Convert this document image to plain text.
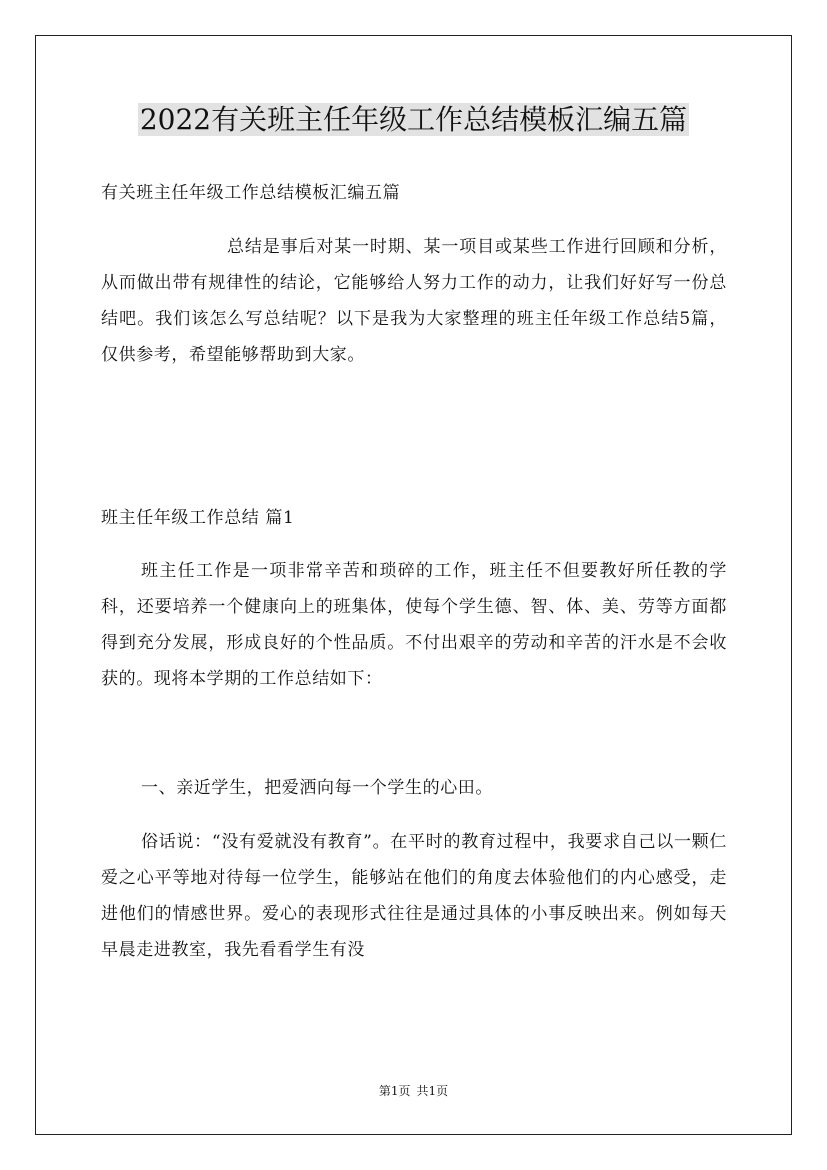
2022有关班主任年级工作总结模板汇编五篇

有关班主任年级工作总结模板汇编五篇

总结是事后对某一时期、某一项目或某些工作进行回顾和分析，从而做出带有规律性的结论，它能够给人努力工作的动力，让我们好好写一份总结吧。我们该怎么写总结呢？以下是我为大家整理的班主任年级工作总结5篇，仅供参考，希望能够帮助到大家。

班主任年级工作总结 篇1

班主任工作是一项非常辛苦和琐碎的工作，班主任不但要教好所任教的学科，还要培养一个健康向上的班集体，使每个学生德、智、体、美、劳等方面都得到充分发展，形成良好的个性品质。不付出艰辛的劳动和辛苦的汗水是不会收获的。现将本学期的工作总结如下：

一、亲近学生，把爱洒向每一个学生的心田。

俗话说：“没有爱就没有教育”。在平时的教育过程中，我要求自己以一颗仁爱之心平等地对待每一位学生，能够站在他们的角度去体验他们的内心感受，走进他们的情感世界。爱心的表现形式往往是通过具体的小事反映出来。例如每天早晨走进教室，我先看看学生有没

第1页 共1页
